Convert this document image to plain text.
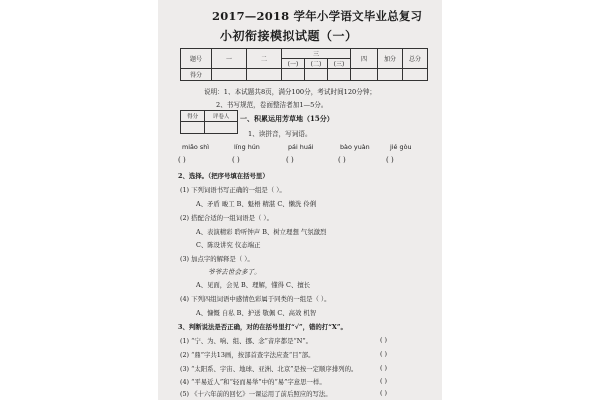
2017—2018 学年小学语文毕业总复习
小初衔接模拟试题（一）
题号	一	二	三			四	加分	总分
			(一)	(二)	(三)			
得分								
说明：1、本试题共8页，满分100分，考试时间120分钟；
2、书写规范，卷面整洁者加1—5分。
得分	评卷人
	一、积累运用芳草地（15分）
1、读拼音，写词语。
miǎo shì	líng hún	pái huái	bào yuàn	jié gòu
( )	( )	( )	( )	( )
2、选择。（把序号填在括号里）
(1) 下列词语书写正确的一组是（ ）。
A、矛盾 畯工 B、魁梧 精湛 C、懒洗 伶俐
(2) 搭配合适的一组词语是（ ）。
A、表演精彩 聆听钟声 B、树立理想 气氛激烈
C、陈设讲究 仪态端正
(3) 加点字的解释是（ ）。
爷爷去世会多了。
A、见面，会见 B、理解，懂得 C、擅长
(4) 下列四组词语中感情色彩属于同类的一组是（ ）。
A、慷慨 自私 B、护送 敬佩 C、高效 机智
3、判断说法是否正确，对的在括号里打“√”，错的打“X”。
(1) “宁、为、响、组、挪、念”音序都是“N”。	( )
(2) “鼎”字共13画，按部首查字法应查“目”部。	( )
(3) “太阳系、宇宙、地球、亚洲、北京”是按一定顺序排列的。	( )
(4) “平易近人”和“轻而易举”中的“易”字意思一样。	( )
(5) 《十六年前的回忆》一课运用了前后照应的写法。	( )
